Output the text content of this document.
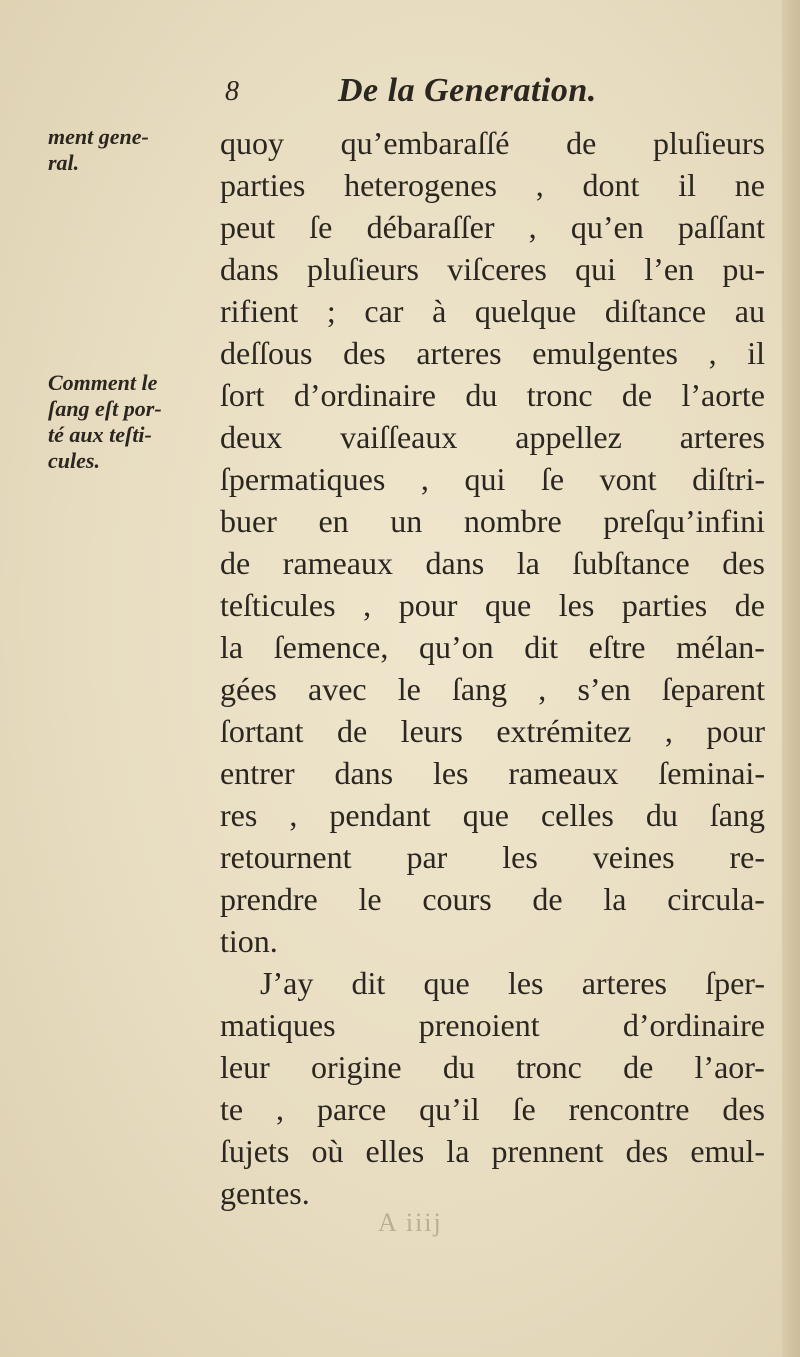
8	De la Generation.
ment gene-
ral.
Comment le
ſang eſt por-
té aux teſti-
cules.
quoy qu’embaraſſé de pluſieurs
parties heterogenes , dont il ne
peut ſe débaraſſer , qu’en paſſant
dans pluſieurs viſceres qui l’en pu-
rifient ; car à quelque diſtance au
deſſous des arteres emulgentes , il
ſort d’ordinaire du tronc de l’aorte
deux vaiſſeaux appellez arteres
ſpermatiques , qui ſe vont diſtri-
buer en un nombre preſqu’infini
de rameaux dans la ſubſtance des
teſticules , pour que les parties de
la ſemence, qu’on dit eſtre mélan-
gées avec le ſang , s’en ſeparent
ſortant de leurs extrémitez , pour
entrer dans les rameaux ſeminai-
res , pendant que celles du ſang
retournent par les veines re-
prendre le cours de la circula-
tion.
J’ay dit que les arteres ſper-
matiques	prenoient	d’ordinaire
leur origine du tronc de l’aor-
te , parce qu’il ſe rencontre des
ſujets où elles la prennent des emul-
gentes.
A iiij
